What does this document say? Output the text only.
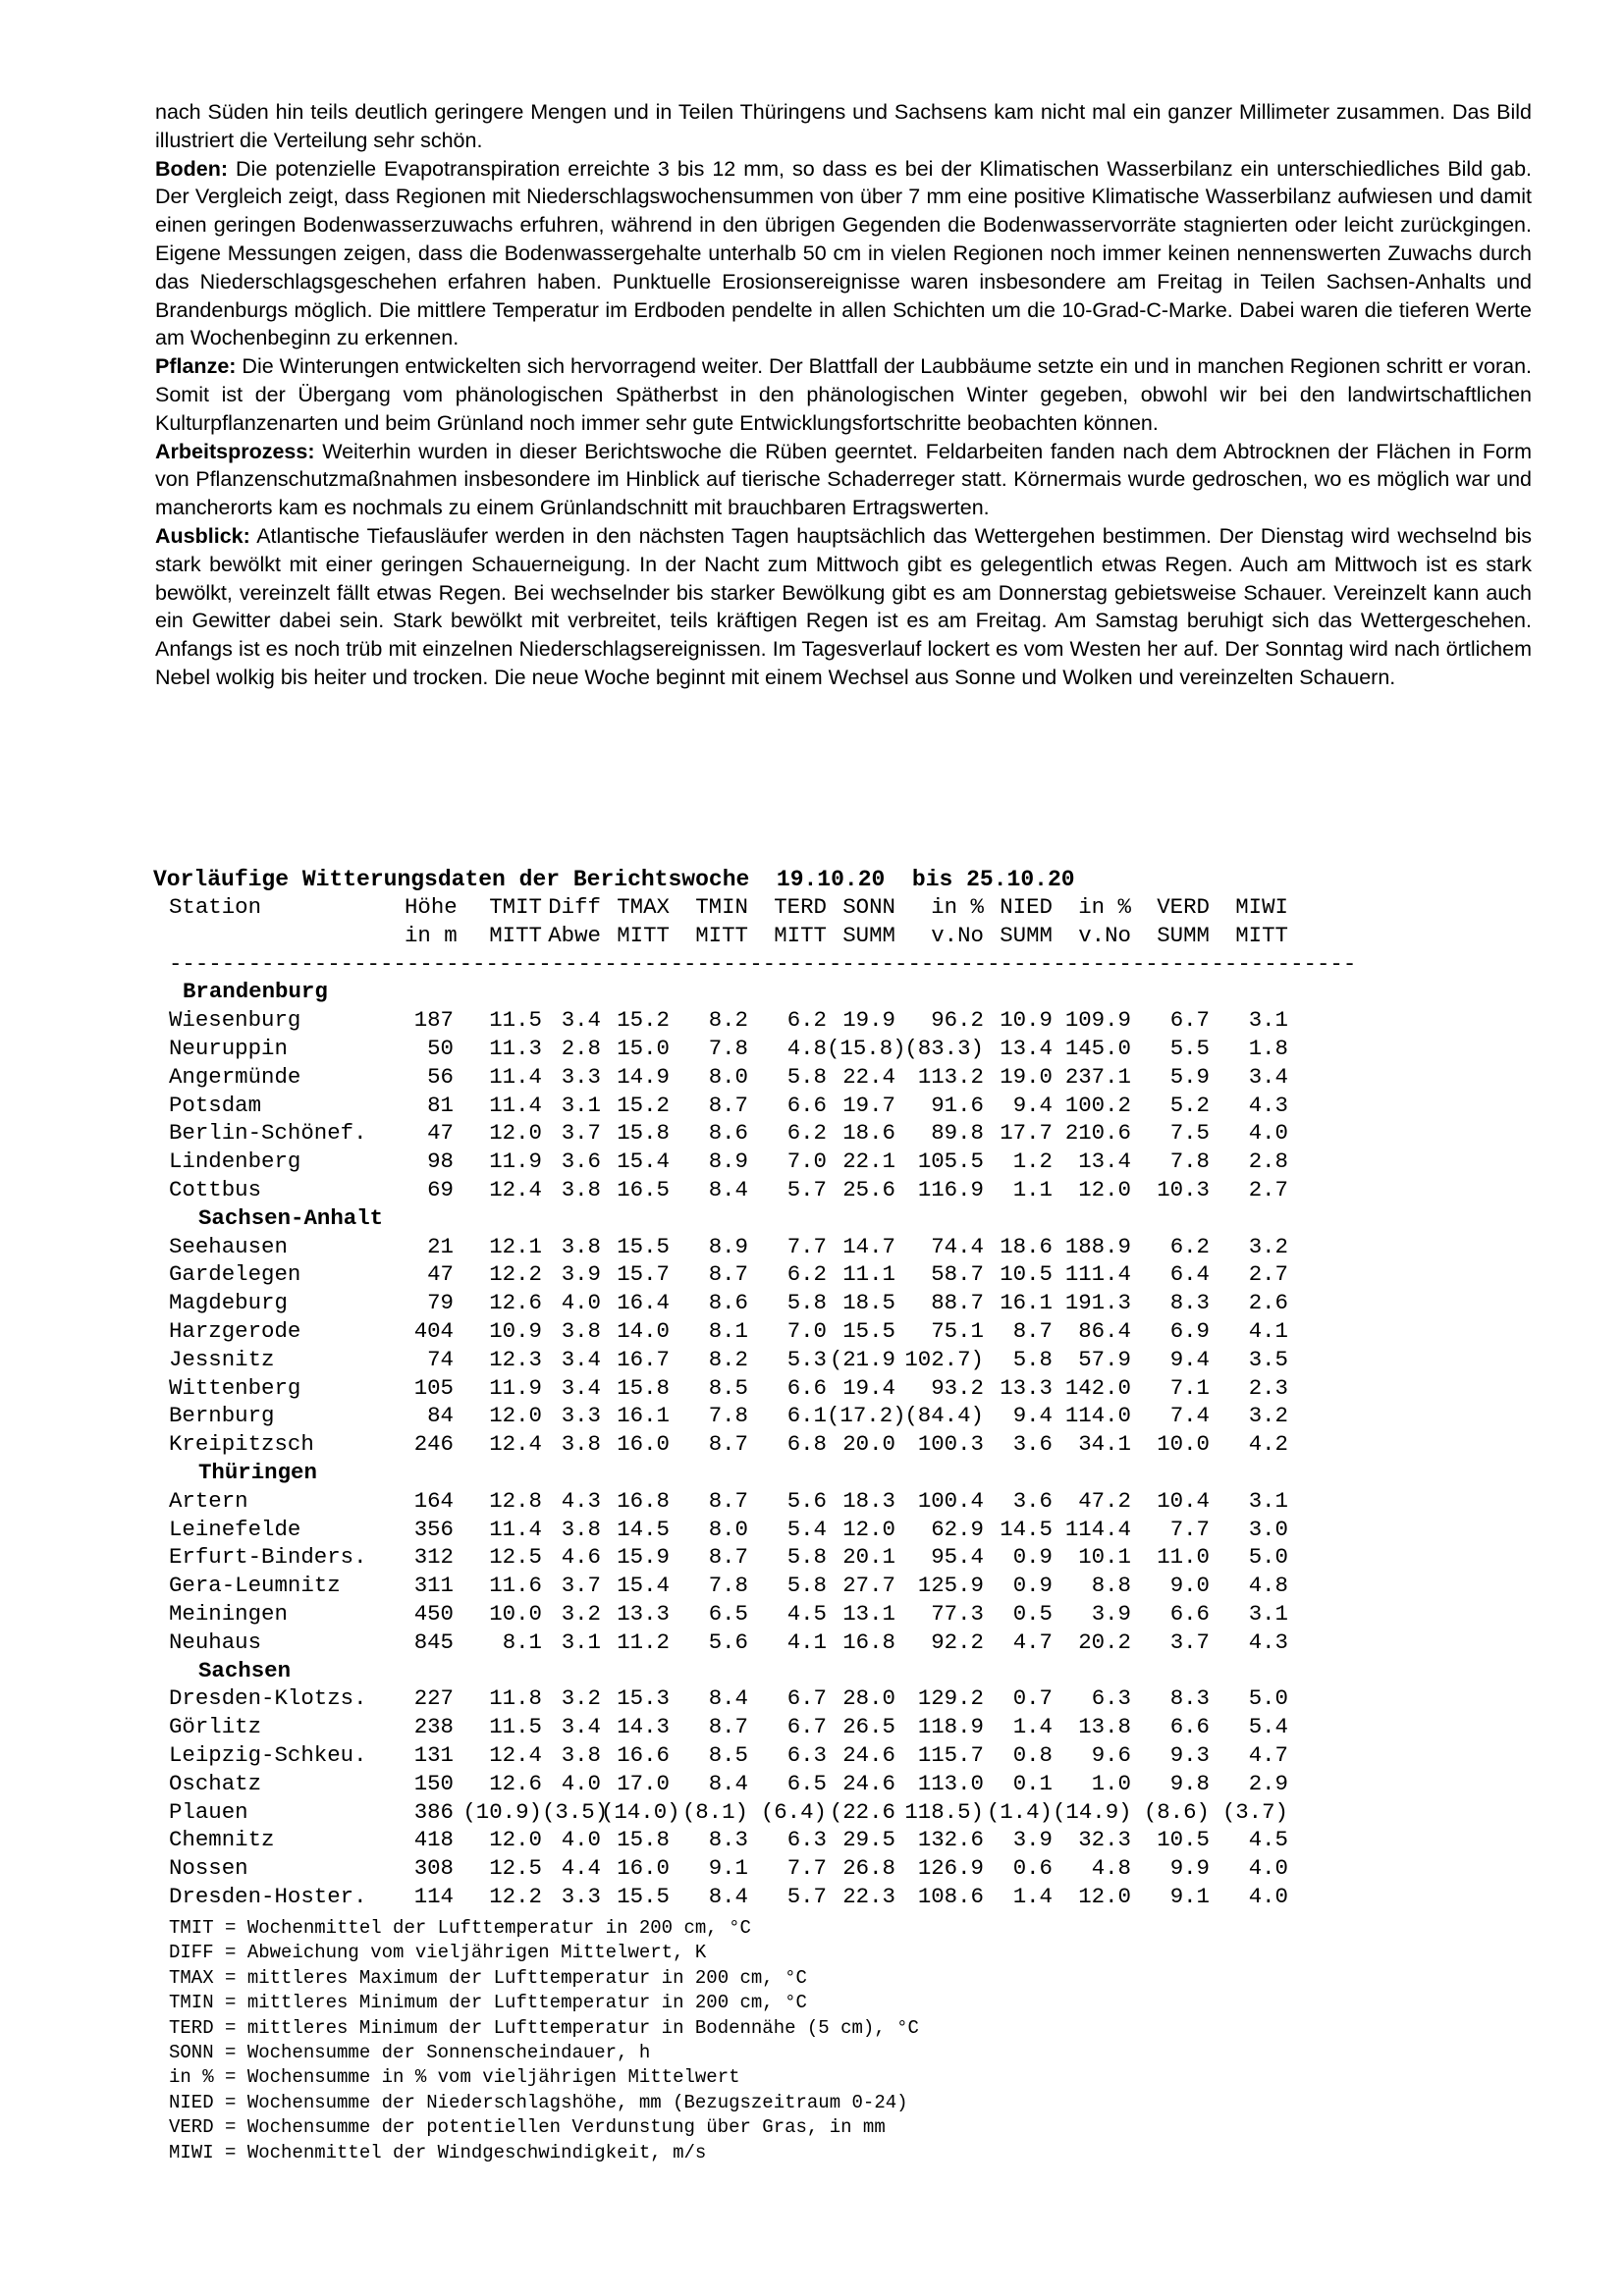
nach Süden hin teils deutlich geringere Mengen und in Teilen Thüringens und Sachsens kam nicht mal ein ganzer Millimeter zusammen. Das Bild illustriert die Verteilung sehr schön.

Boden: Die potenzielle Evapotranspiration erreichte 3 bis 12 mm, so dass es bei der Klimatischen Wasserbilanz ein unterschiedliches Bild gab. Der Vergleich zeigt, dass Regionen mit Niederschlagswochensummen von über 7 mm eine positive Klimatische Wasserbilanz aufwiesen und damit einen geringen Bodenwasserzuwachs erfuhren, während in den übrigen Gegenden die Bodenwasservorräte stagnierten oder leicht zurückgingen. Eigene Messungen zeigen, dass die Bodenwassergehalte unterhalb 50 cm in vielen Regionen noch immer keinen nennenswerten Zuwachs durch das Niederschlagsgeschehen erfahren haben. Punktuelle Erosionsereignisse waren insbesondere am Freitag in Teilen Sachsen-Anhalts und Brandenburgs möglich. Die mittlere Temperatur im Erdboden pendelte in allen Schichten um die 10-Grad-C-Marke. Dabei waren die tieferen Werte am Wochenbeginn zu erkennen.

Pflanze: Die Winterungen entwickelten sich hervorragend weiter. Der Blattfall der Laubbäume setzte ein und in manchen Regionen schritt er voran. Somit ist der Übergang vom phänologischen Spätherbst in den phänologischen Winter gegeben, obwohl wir bei den landwirtschaftlichen Kulturpflanzenarten und beim Grünland noch immer sehr gute Entwicklungsfortschritte beobachten können.

Arbeitsprozess: Weiterhin wurden in dieser Berichtswoche die Rüben geerntet. Feldarbeiten fanden nach dem Abtrocknen der Flächen in Form von Pflanzenschutzmaßnahmen insbesondere im Hinblick auf tierische Schaderreger statt. Körnermais wurde gedroschen, wo es möglich war und mancherorts kam es nochmals zu einem Grünlandschnitt mit brauchbaren Ertragswerten.

Ausblick: Atlantische Tiefausläufer werden in den nächsten Tagen hauptsächlich das Wettergehen bestimmen. Der Dienstag wird wechselnd bis stark bewölkt mit einer geringen Schauerneigung. In der Nacht zum Mittwoch gibt es gelegentlich etwas Regen. Auch am Mittwoch ist es stark bewölkt, vereinzelt fällt etwas Regen. Bei wechselnder bis starker Bewölkung gibt es am Donnerstag gebietsweise Schauer. Vereinzelt kann auch ein Gewitter dabei sein. Stark bewölkt mit verbreitet, teils kräftigen Regen ist es am Freitag. Am Samstag beruhigt sich das Wettergeschehen. Anfangs ist es noch trüb mit einzelnen Niederschlagsereignissen. Im Tagesverlauf lockert es vom Westen her auf. Der Sonntag wird nach örtlichem Nebel wolkig bis heiter und trocken. Die neue Woche beginnt mit einem Wechsel aus Sonne und Wolken und vereinzelten Schauern.

Vorläufige Witterungsdaten der Berichtswoche  19.10.20  bis 25.10.20
Station	Höhe TMIT Diff TMAX TMIN TERD SONN in % NIED in % VERD MIWI
in m MITT Abwe MITT MITT MITT SUMM v.No SUMM v.No SUMM MITT
------------------------------------------------------------------------------------------
Brandenburg
Wiesenburg	187 11.5 3.4 15.2 8.2 6.2 19.9 96.2 10.9 109.9 6.7 3.1
Neuruppin	50 11.3 2.8 15.0 7.8 4.8(15.8)(83.3) 13.4 145.0 5.5 1.8
Angermünde	56 11.4 3.3 14.9 8.0 5.8 22.4 113.2 19.0 237.1 5.9 3.4
Potsdam	81 11.4 3.1 15.2 8.7 6.6 19.7 91.6 9.4 100.2 5.2 4.3
Berlin-Schönef.	47 12.0 3.7 15.8 8.6 6.2 18.6 89.8 17.7 210.6 7.5 4.0
Lindenberg	98 11.9 3.6 15.4 8.9 7.0 22.1 105.5 1.2 13.4 7.8 2.8
Cottbus	69 12.4 3.8 16.5 8.4 5.7 25.6 116.9 1.1 12.0 10.3 2.7
Sachsen-Anhalt
Seehausen	21 12.1 3.8 15.5 8.9 7.7 14.7 74.4 18.6 188.9 6.2 3.2
Gardelegen	47 12.2 3.9 15.7 8.7 6.2 11.1 58.7 10.5 111.4 6.4 2.7
Magdeburg	79 12.6 4.0 16.4 8.6 5.8 18.5 88.7 16.1 191.3 8.3 2.6
Harzgerode	404 10.9 3.8 14.0 8.1 7.0 15.5 75.1 8.7 86.4 6.9 4.1
Jessnitz	74 12.3 3.4 16.7 8.2 5.3 (21.9 102.7) 5.8 57.9 9.4 3.5
Wittenberg	105 11.9 3.4 15.8 8.5 6.6 19.4 93.2 13.3 142.0 7.1 2.3
Bernburg	84 12.0 3.3 16.1 7.8 6.1(17.2)(84.4) 9.4 114.0 7.4 3.2
Kreipitzsch	246 12.4 3.8 16.0 8.7 6.8 20.0 100.3 3.6 34.1 10.0 4.2
Thüringen
Artern	164 12.8 4.3 16.8 8.7 5.6 18.3 100.4 3.6 47.2 10.4 3.1
Leinefelde	356 11.4 3.8 14.5 8.0 5.4 12.0 62.9 14.5 114.4 7.7 3.0
Erfurt-Binders. 312 12.5 4.6 15.9 8.7 5.8 20.1 95.4 0.9 10.1 11.0 5.0
Gera-Leumnitz	311 11.6 3.7 15.4 7.8 5.8 27.7 125.9 0.9 8.8 9.0 4.8
Meiningen	450 10.0 3.2 13.3 6.5 4.5 13.1 77.3 0.5 3.9 6.6 3.1
Neuhaus	845 8.1 3.1 11.2 5.6 4.1 16.8 92.2 4.7 20.2 3.7 4.3
Sachsen
Dresden-Klotzs. 227 11.8 3.2 15.3 8.4 6.7 28.0 129.2 0.7 6.3 8.3 5.0
Görlitz	238 11.5 3.4 14.3 8.7 6.7 26.5 118.9 1.4 13.8 6.6 5.4
Leipzig-Schkeu. 131 12.4 3.8 16.6 8.5 6.3 24.6 115.7 0.8 9.6 9.3 4.7
Oschatz	150 12.6 4.0 17.0 8.4 6.5 24.6 113.0 0.1 1.0 9.8 2.9
Plauen	386 (10.9)(3.5)(14.0)(8.1) (6.4) (22.6 118.5) (1.4)(14.9) (8.6) (3.7)
Chemnitz	418 12.0 4.0 15.8 8.3 6.3 29.5 132.6 3.9 32.3 10.5 4.5
Nossen	308 12.5 4.4 16.0 9.1 7.7 26.8 126.9 0.6 4.8 9.9 4.0
Dresden-Hoster. 114 12.2 3.3 15.5 8.4 5.7 22.3 108.6 1.4 12.0 9.1 4.0
TMIT = Wochenmittel der Lufttemperatur in 200 cm, °C
DIFF = Abweichung vom vieljährigen Mittelwert, K
TMAX = mittleres Maximum der Lufttemperatur in 200 cm, °C
TMIN = mittleres Minimum der Lufttemperatur in 200 cm, °C
TERD = mittleres Minimum der Lufttemperatur in Bodennähe (5 cm), °C
SONN = Wochensumme der Sonnenscheindauer, h
in % = Wochensumme in % vom vieljährigen Mittelwert
NIED = Wochensumme der Niederschlagshöhe, mm (Bezugszeitraum 0-24)
VERD = Wochensumme der potentiellen Verdunstung über Gras, in mm
MIWI = Wochenmittel der Windgeschwindigkeit, m/s
